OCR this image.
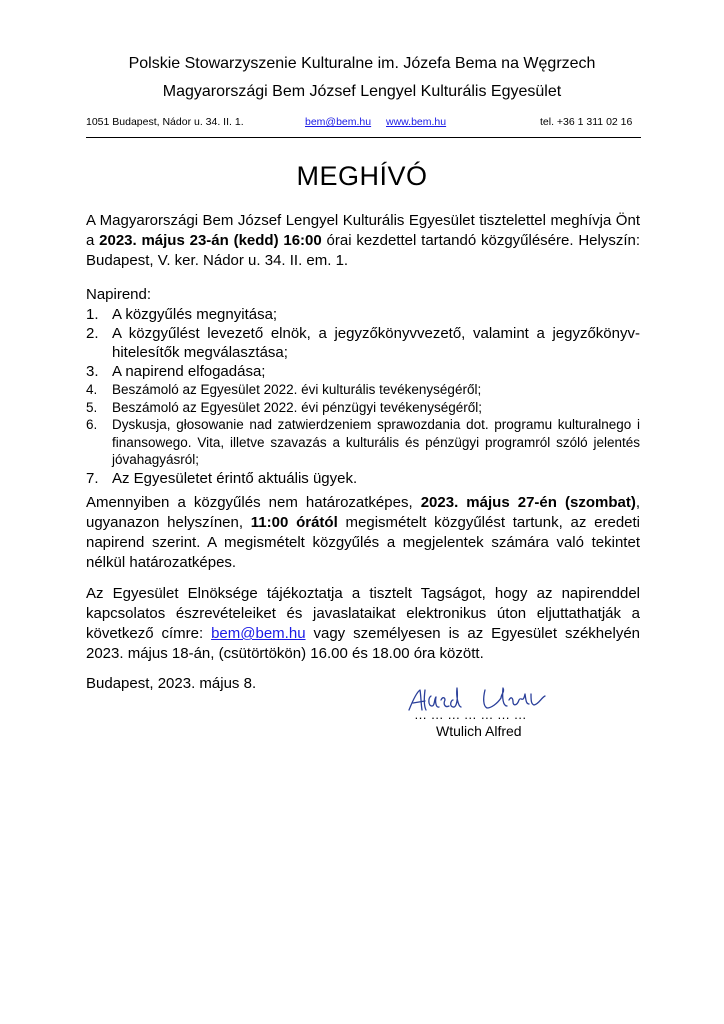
Polskie Stowarzyszenie Kulturalne im. Józefa Bema na Węgrzech
Magyarországi Bem József Lengyel Kulturális Egyesület
1051 Budapest, Nádor u. 34. II. 1.	bem@bem.hu www.bem.hu	tel. +36 1 311 02 16
MEGHÍVÓ
A Magyarországi Bem József Lengyel Kulturális Egyesület tisztelettel meghívja Önt a 2023. május 23-án (kedd) 16:00 órai kezdettel tartandó közgyűlésére. Helyszín: Budapest, V. ker. Nádor u. 34. II. em. 1.
Napirend:
1. A közgyűlés megnyitása;
2. A közgyűlést levezető elnök, a jegyzőkönyvvezető, valamint a jegyzőkönyv-hitelesítők megválasztása;
3. A napirend elfogadása;
4. Beszámoló az Egyesület 2022. évi kulturális tevékenységéről;
5. Beszámoló az Egyesület 2022. évi pénzügyi tevékenységéről;
6. Dyskusja, głosowanie nad zatwierdzeniem sprawozdania dot. programu kulturalnego i finansowego. Vita, illetve szavazás a kulturális és pénzügyi programról szóló jelentés jóvahagyásról;
7. Az Egyesületet érintő aktuális ügyek.
Amennyiben a közgyűlés nem határozatképes, 2023. május 27-én (szombat), ugyanazon helyszínen, 11:00 órától megismételt közgyűlést tartunk, az eredeti napirend szerint. A megismételt közgyűlés a megjelentek számára való tekintet nélkül határozatképes.
Az Egyesület Elnöksége tájékoztatja a tisztelt Tagságot, hogy az napirenddel kapcsolatos észrevételeiket és javaslataikat elektronikus úton eljuttathatják a következő címre: bem@bem.hu vagy személyesen is az Egyesület székhelyén 2023. május 18-án, (csütörtökön) 16.00 és 18.00 óra között.
Budapest, 2023. május 8.
…………………
Wtulich Alfred
